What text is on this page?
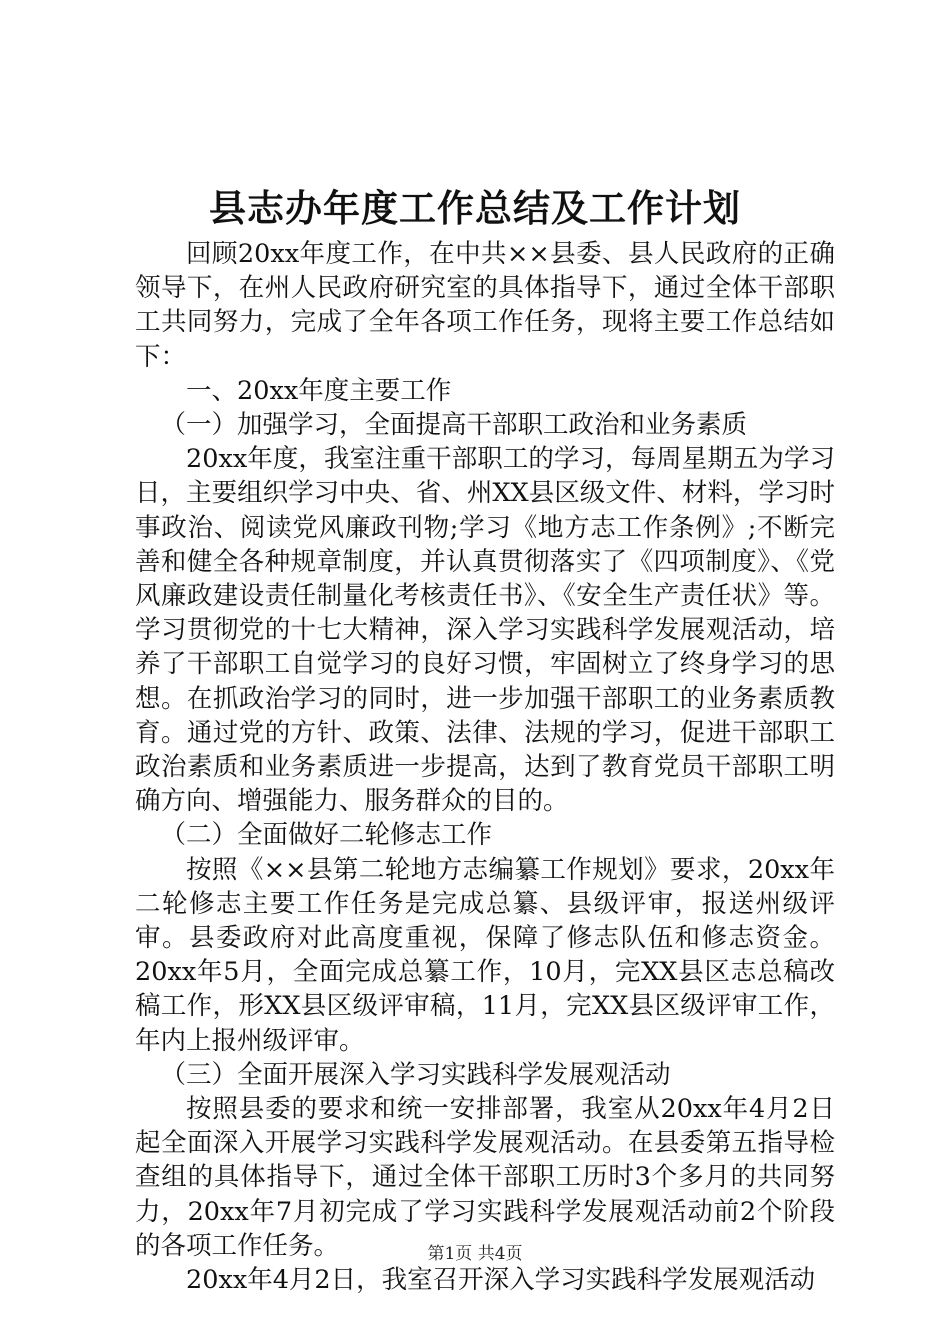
县志办年度工作总结及工作计划

回顾20xx年度工作，在中共××县委、县人民政府的正确领导下，在州人民政府研究室的具体指导下，通过全体干部职工共同努力，完成了全年各项工作任务，现将主要工作总结如下：

一、20xx年度主要工作

（一）加强学习，全面提高干部职工政治和业务素质

20xx年度，我室注重干部职工的学习，每周星期五为学习日，主要组织学习中央、省、州XX县区级文件、材料，学习时事政治、阅读党风廉政刊物;学习《地方志工作条例》;不断完善和健全各种规章制度，并认真贯彻落实了《四项制度》、《党风廉政建设责任制量化考核责任书》、《安全生产责任状》等。学习贯彻党的十七大精神，深入学习实践科学发展观活动，培养了干部职工自觉学习的良好习惯，牢固树立了终身学习的思想。在抓政治学习的同时，进一步加强干部职工的业务素质教育。通过党的方针、政策、法律、法规的学习，促进干部职工政治素质和业务素质进一步提高，达到了教育党员干部职工明确方向、增强能力、服务群众的目的。

（二）全面做好二轮修志工作

按照《××县第二轮地方志编纂工作规划》要求，20xx年二轮修志主要工作任务是完成总纂、县级评审，报送州级评审。县委政府对此高度重视，保障了修志队伍和修志资金。20xx年5月，全面完成总纂工作，10月，完XX县区志总稿改稿工作，形XX县区级评审稿，11月，完XX县区级评审工作，年内上报州级评审。

（三）全面开展深入学习实践科学发展观活动

按照县委的要求和统一安排部署，我室从20xx年4月2日起全面深入开展学习实践科学发展观活动。在县委第五指导检查组的具体指导下，通过全体干部职工历时3个多月的共同努力，20xx年7月初完成了学习实践科学发展观活动前2个阶段的各项工作任务。

20xx年4月2日，我室召开深入学习实践科学发展观活动

第1页 共4页
